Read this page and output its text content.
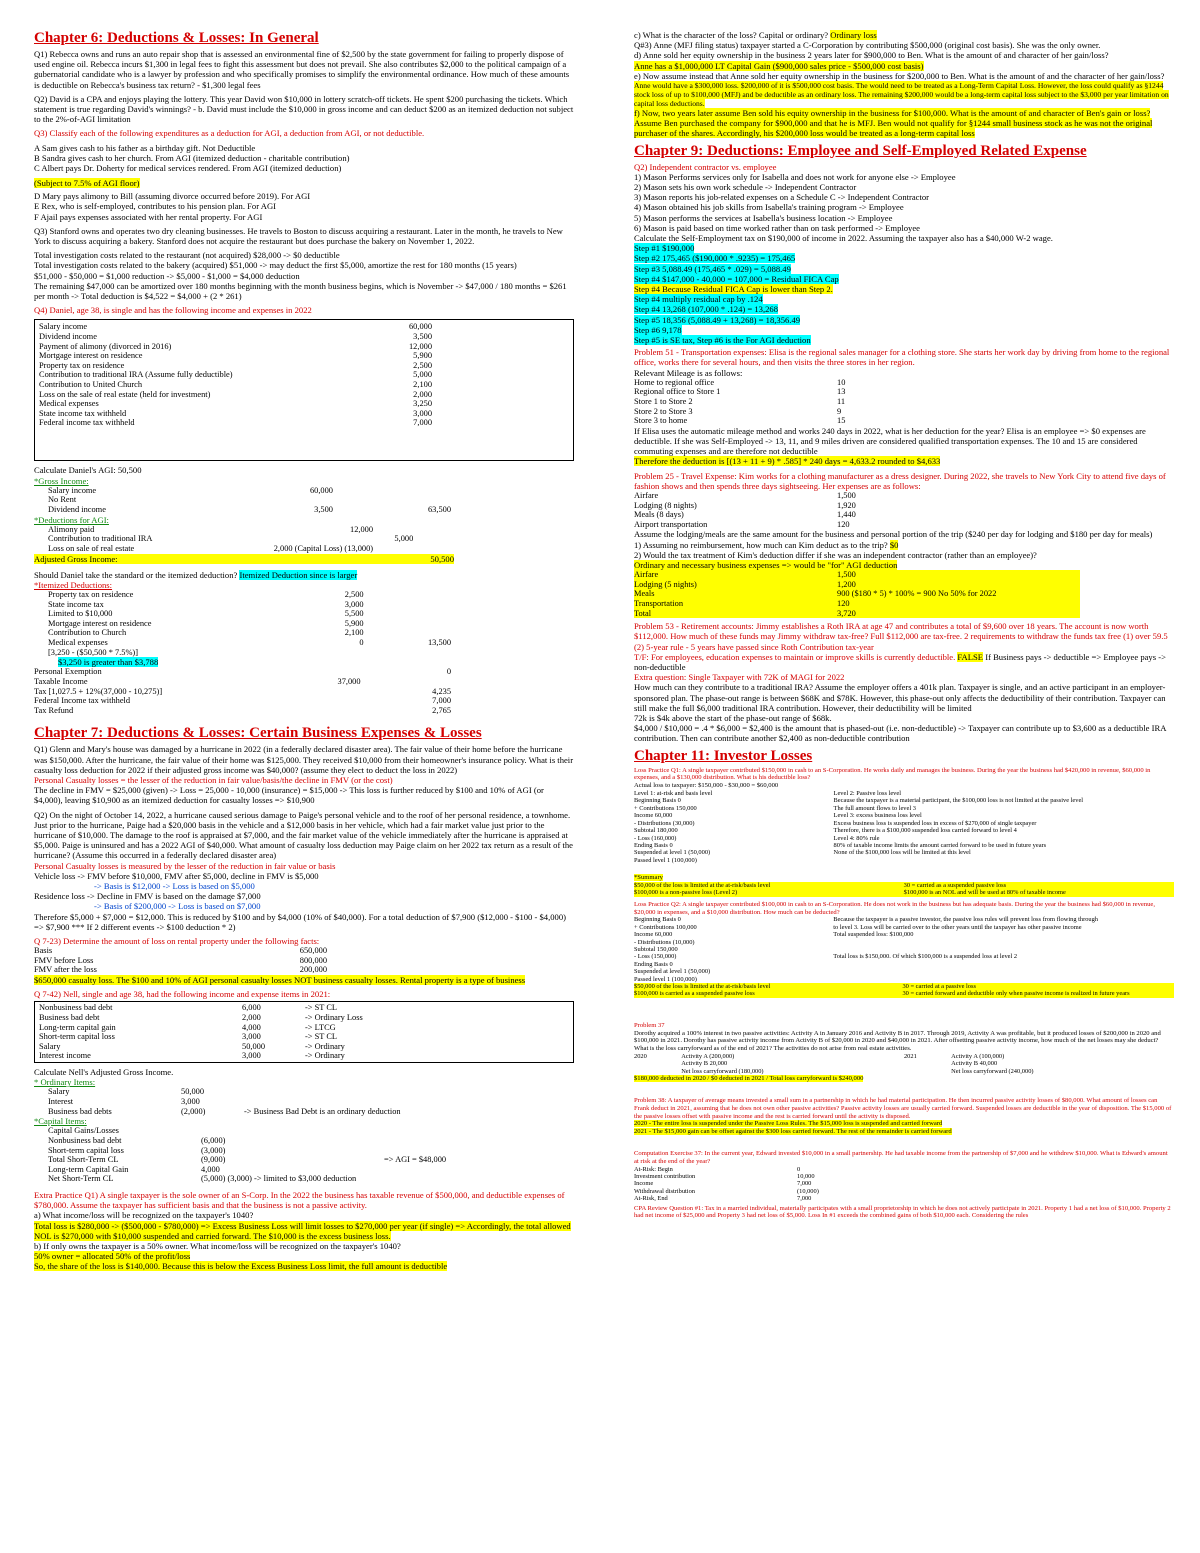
Chapter 6: Deductions & Losses: In General

Q1) Rebecca owns and runs an auto repair shop that is assessed an environmental fine of $2,500 by the state government for failing to properly dispose of used engine oil. Rebecca incurs $1,300 in legal fees to fight this assessment but does not prevail. She also contributes $2,000 to the political campaign of a gubernatorial candidate who is a lawyer by profession and who specifically promises to simplify the environmental ordinance. How much of these amounts is deductible on Rebecca's business tax return? - $1,300 legal fees

Q2) David is a CPA and enjoys playing the lottery. This year David won $10,000 in lottery scratch-off tickets. He spent $200 purchasing the tickets. Which statement is true regarding David's winnings? - b. David must include the $10,000 in gross income and can deduct $200 as an itemized deduction not subject to the 2%-of-AGI limitation

Q3) Classify each of the following expenditures as a deduction for AGI, a deduction from AGI, or not deductible.

A Sam gives cash to his father as a birthday gift. Not Deductible

B Sandra gives cash to her church. From AGI (itemized deduction - charitable contribution)

C Albert pays Dr. Doherty for medical services rendered. From AGI (itemized deduction)

(Subject to 7.5% of AGI floor)

D Mary pays alimony to Bill (assuming divorce occurred before 2019). For AGI

E Rex, who is self-employed, contributes to his pension plan. For AGI

F Ajail pays expenses associated with her rental property. For AGI

Q3) Stanford owns and operates two dry cleaning businesses. He travels to Boston to discuss acquiring a restaurant. Later in the month, he travels to New York to discuss acquiring a bakery. Stanford does not acquire the restaurant but does purchase the bakery on November 1, 2022.

Total investigation costs related to the restaurant (not acquired) $28,000 -> $0 deductible

Total investigation costs related to the bakery (acquired) $51,000 -> may deduct the first $5,000, amortize the rest for 180 months (15 years)

$51,000 - $50,000 = $1,000 reduction -> $5,000 - $1,000 = $4,000 deduction

The remaining $47,000 can be amortized over 180 months beginning with the month business begins, which is November -> $47,000 / 180 months = $261 per month -> Total deduction is $4,522 = $4,000 + (2 * 261)

Q4) Daniel, age 38, is single and has the following income and expenses in 2022

Salary income	60,000
Dividend income	3,500
Payment of alimony (divorced in 2016)	12,000
Mortgage interest on residence	5,900
Property tax on residence	2,500
Contribution to traditional IRA (Assume fully deductible)	5,000
Contribution to United Church	2,100
Loss on the sale of real estate (held for investment)	2,000
Medical expenses	3,250
State income tax withheld	3,000
Federal income tax withheld	7,000

Calculate Daniel's AGI: 50,500

*Gross Income:

Salary income	60,000		
No Rent			
Dividend income	3,500		63,500

*Deductions for AGI:

Alimony paid	12,000		
Contribution to traditional IRA		5,000	
Loss on sale of real estate	2,000 (Capital Loss) (13,000)		
Adjusted Gross Income:	50,500

Should Daniel take the standard or the itemized deduction? Itemized Deduction since is larger

*Itemized Deductions:

Property tax on residence	2,500	
State income tax	3,000	
Limited to $10,000	5,500	
Mortgage interest on residence	5,900	
Contribution to Church	2,100	
Medical expenses	0	13,500
[3,250 - ($50,500 * 7.5%)]		

$3,250 is greater than $3,788

Personal Exemption		0
Taxable Income	37,000	
Tax [1,027.5 + 12%(37,000 - 10,275)]		4,235
Federal Income tax withheld		7,000
Tax Refund		2,765
Chapter 7: Deductions & Losses: Certain Business Expenses & Losses

Q1) Glenn and Mary's house was damaged by a hurricane in 2022 (in a federally declared disaster area). The fair value of their home before the hurricane was $150,000. After the hurricane, the fair value of their home was $125,000. They received $10,000 from their homeowner's insurance policy. What is their casualty loss deduction for 2022 if their adjusted gross income was $40,000? (assume they elect to deduct the loss in 2022)

Personal Casualty losses = the lesser of the reduction in fair value/basis/the decline in FMV (or the cost)

The decline in FMV = $25,000 (given) -> Loss = 25,000 - 10,000 (insurance) = $15,000 -> This loss is further reduced by $100 and 10% of AGI (or $4,000), leaving $10,900 as an itemized deduction for casualty losses => $10,900

Q2) On the night of October 14, 2022, a hurricane caused serious damage to Paige's personal vehicle and to the roof of her personal residence, a townhome. Just prior to the hurricane, Paige had a $20,000 basis in the vehicle and a $12,000 basis in her vehicle, which had a fair market value just prior to the hurricane of $10,000. The damage to the roof is appraised at $7,000, and the fair market value of the vehicle immediately after the hurricane is appraised at $5,000. Paige is uninsured and has a 2022 AGI of $40,000. What amount of casualty loss deduction may Paige claim on her 2022 tax return as a result of the hurricane? (Assume this occurred in a federally declared disaster area)

Personal Casualty losses is measured by the lesser of the reduction in fair value or basis

Vehicle loss -> FMV before $10,000, FMV after $5,000, decline in FMV is $5,000

-> Basis is $12,000 -> Loss is based on $5,000

Residence loss -> Decline in FMV is based on the damage $7,000

-> Basis of $200,000 -> Loss is based on $7,000

Therefore $5,000 + $7,000 = $12,000. This is reduced by $100 and by $4,000 (10% of $40,000). For a total deduction of $7,900 ($12,000 - $100 - $4,000) => $7,900 *** If 2 different events -> $100 deduction * 2)

Q 7-23) Determine the amount of loss on rental property under the following facts:

Basis	650,000
FMV before Loss	800,000
FMV after the loss	200,000

$650,000 casualty loss. The $100 and 10% of AGI personal casualty losses NOT business casualty losses. Rental property is a type of business

Q 7-42) Nell, single and age 38, had the following income and expense items in 2021:

Nonbusiness bad debt	6,000	-> ST CL
Business bad debt	2,000	-> Ordinary Loss
Long-term capital gain	4,000	-> LTCG
Short-term capital loss	3,000	-> ST CL
Salary	50,000	-> Ordinary
Interest income	3,000	-> Ordinary

Calculate Nell's Adjusted Gross Income.

* Ordinary Items:

Salary	50,000	
Interest	3,000	
Business bad debts	(2,000)	-> Business Bad Debt is an ordinary deduction

*Capital Items:

Capital Gains/Losses		
Nonbusiness bad debt	(6,000)	
Short-term capital loss	(3,000)	
Total Short-Term CL	(9,000)	=> AGI = $48,000
Long-term Capital Gain	4,000	
Net Short-Term CL	(5,000) (3,000) -> limited to $3,000 deduction	

Extra Practice Q1) A single taxpayer is the sole owner of an S-Corp. In the 2022 the business has taxable revenue of $500,000, and deductible expenses of $780,000. Assume the taxpayer has sufficient basis and that the business is not a passive activity.

a) What income/loss will be recognized on the taxpayer's 1040?

Total loss is $280,000 -> ($500,000 - $780,000) => Excess Business Loss will limit losses to $270,000 per year (if single) => Accordingly, the total allowed NOL is $270,000 with $10,000 suspended and carried forward. The $10,000 is the excess business loss.

b) If only owns the taxpayer is a 50% owner. What income/loss will be recognized on the taxpayer's 1040?

50% owner = allocated 50% of the profit/loss

So, the share of the loss is $140,000. Because this is below the Excess Business Loss limit, the full amount is deductible

c) What is the character of the loss? Capital or ordinary? Ordinary loss

Q#3) Anne (MFJ filing status) taxpayer started a C-Corporation by contributing $500,000 (original cost basis). She was the only owner.

d) Anne sold her equity ownership in the business 2 years later for $900,000 to Ben. What is the amount of and character of her gain/loss?

Anne has a $1,000,000 LT Capital Gain ($900,000 sales price - $500,000 cost basis)

e) Now assume instead that Anne sold her equity ownership in the business for $200,000 to Ben. What is the amount of and the character of her gain/loss?

Anne would have a $300,000 loss. $200,000 of it is $500,000 cost basis. The would need to be treated as a Long-Term Capital Loss. However, the loss could qualify as §1244 stock loss of up to $100,000 (MFJ) and be deductible as an ordinary loss. The remaining $200,000 would be a long-term capital loss subject to the $3,000 per year limitation on capital loss deductions.

f) Now, two years later assume Ben sold his equity ownership in the business for $100,000. What is the amount of and character of Ben's gain or loss? Assume Ben purchased the company for $900,000 and that he is MFJ. Ben would not qualify for §1244 small business stock as he was not the original purchaser of the shares. Accordingly, his $200,000 loss would be treated as a long-term capital loss

Chapter 9: Deductions: Employee and Self-Employed Related Expense

Q2) Independent contractor vs. employee

1) Mason Performs services only for Isabella and does not work for anyone else -> Employee

2) Mason sets his own work schedule -> Independent Contractor

3) Mason reports his job-related expenses on a Schedule C -> Independent Contractor

4) Mason obtained his job skills from Isabella's training program -> Employee

5) Mason performs the services at Isabella's business location -> Employee

6) Mason is paid based on time worked rather than on task performed -> Employee

Calculate the Self-Employment tax on $190,000 of income in 2022. Assuming the taxpayer also has a $40,000 W-2 wage.

Step #1 $190,000

Step #2 175,465 ($190,000 * .9235) = 175,465

Step #3 5,088.49 (175,465 * .029) = 5,088.49

Step #4 $147,000 - 40,000 = 107,000 = Residual FICA Cap

Step #4 Because Residual FICA Cap is lower than Step 2.

Step #4 multiply residual cap by .124

Step #4 13,268 (107,000 * .124) = 13,268

Step #5 18,356 (5,088.49 + 13,268) = 18,356.49

Step #6 9,178

Step #5 is SE tax, Step #6 is the For AGI deduction

Problem 51 - Transportation expenses: Elisa is the regional sales manager for a clothing store. She starts her work day by driving from home to the regional office, works there for several hours, and then visits the three stores in her region.

Relevant Mileage is as follows:

Home to regional office	10
Regional office to Store 1	13
Store 1 to Store 2	11
Store 2 to Store 3	9
Store 3 to home	15

If Elisa uses the automatic mileage method and works 240 days in 2022, what is her deduction for the year? Elisa is an employee => $0 expenses are deductible. If she was Self-Employed -> 13, 11, and 9 miles driven are considered qualified transportation expenses. The 10 and 15 are considered commuting expenses and are therefore not deductible

Therefore the deduction is [(13 + 11 + 9) * .585] * 240 days = 4,633.2 rounded to $4,633

Problem 25 - Travel Expense: Kim works for a clothing manufacturer as a dress designer. During 2022, she travels to New York City to attend five days of fashion shows and then spends three days sightseeing. Her expenses are as follows:

Airfare	1,500
Lodging (8 nights)	1,920
Meals (8 days)	1,440
Airport transportation	120

Assume the lodging/meals are the same amount for the business and personal portion of the trip ($240 per day for lodging and $180 per day for meals)

1) Assuming no reimbursement, how much can Kim deduct as to the trip? $0

2) Would the tax treatment of Kim's deduction differ if she was an independent contractor (rather than an employee)?

Ordinary and necessary business expenses => would be "for" AGI deduction

Airfare	1,500
Lodging (5 nights)	1,200
Meals	900 ($180 * 5) * 100% = 900 No 50% for 2022
Transportation	120
Total	3,720

Problem 53 - Retirement accounts: Jimmy establishes a Roth IRA at age 47 and contributes a total of $9,600 over 18 years. The account is now worth $112,000. How much of these funds may Jimmy withdraw tax-free? Full $112,000 are tax-free. 2 requirements to withdraw the funds tax free (1) over 59.5 (2) 5-year rule - 5 years have passed since Roth Contribution tax-year

T/F: For employees, education expenses to maintain or improve skills is currently deductible. FALSE If Business pays -> deductible => Employee pays -> non-deductible

Extra question: Single Taxpayer with 72K of MAGI for 2022

How much can they contribute to a traditional IRA? Assume the employer offers a 401k plan. Taxpayer is single, and an active participant in an employer-sponsored plan. The phase-out range is between $68K and $78K. However, this phase-out only affects the deductibility of their contribution. Taxpayer can still make the full $6,000 traditional IRA contribution. However, their deductibility will be limited

72k is $4k above the start of the phase-out range of $68k.

$4,000 / $10,000 = .4 * $6,000 = $2,400 is the amount that is phased-out (i.e. non-deductible) -> Taxpayer can contribute up to $3,600 as a deductible IRA contribution. Then can contribute another $2,400 as non-deductible contribution

Chapter 11: Investor Losses

Loss Practice Q1: A single taxpayer contributed $150,000 in cash to an S-Corporation. He works daily and manages the business. During the year the business had $420,000 in revenue, $60,000 in expenses, and a $130,000 distribution. What is his deductible loss?

Actual loss to taxpayer: $150,000 - $30,000 = $60,000

Level 1: at-risk and basis level	Level 2: Passive loss level
Beginning Basis 0	Because the taxpayer is a material participant, the $100,000 loss is not limited at the passive level
+ Contributions 150,000	The full amount flows to level 3
Income 60,000	Level 3: excess business loss level
- Distributions (30,000)	Excess business loss is suspended loss in excess of $270,000 of single taxpayer
Subtotal 180,000	Therefore, there is a $100,000 suspended loss carried forward to level 4
- Loss (160,000)	Level 4: 80% rule
Ending Basis 0	80% of taxable income limits the amount carried forward to be used in future years
Suspended at level 1 (50,000)	None of the $100,000 loss will be limited at this level
Passed level 1 (100,000)	

*Summary

$50,000 of the loss is limited at the at-risk/basis level	30 = carried as a suspended passive loss
$100,000 is a non-passive loss (Level 2)	$100,000 is an NOL and will be used at 80% of taxable income

Loss Practice Q2: A single taxpayer contributed $100,000 in cash to an S-Corporation. He does not work in the business but has adequate basis. During the year the business had $60,000 in revenue, $20,000 in expenses, and a $10,000 distribution. How much can be deducted?

Beginning Basis 0	Because the taxpayer is a passive investor, the passive loss rules will prevent loss from flowing through
+ Contributions 100,000	to level 3. Loss will be carried over to the other years until the taxpayer has other passive income
Income 60,000	Total suspended loss: $100,000
- Distributions (10,000)	
Subtotal 150,000	
- Loss (150,000)	Total loss is $150,000. Of which $100,000 is a suspended loss at level 2
Ending Basis 0	
Suspended at level 1 (50,000)	
Passed level 1 (100,000)	
$50,000 of the loss is limited at the at-risk/basis level	30 = carried at a passive loss
$100,000 is carried as a suspended passive loss	30 = carried forward and deductible only when passive income is realized in future years

Problem 37

Dorothy acquired a 100% interest in two passive activities: Activity A in January 2016 and Activity B in 2017. Through 2019, Activity A was profitable, but it produced losses of $200,000 in 2020 and $100,000 in 2021. Dorothy has passive activity income from Activity B of $20,000 in 2020 and $40,000 in 2021. After offsetting passive activity income, how much of the net losses may she deduct? What is the loss carryforward as of the end of 2021? The activities do not arise from real estate activities.

2020	Activity A (200,000)	2021	Activity A (100,000)
	Activity B 20,000		Activity B 40,000
	Net loss carryforward (180,000)		Net loss carryforward (240,000)

$180,000 deducted in 2020 / $0 deducted in 2021 / Total loss carryforward is $240,000

Problem 38: A taxpayer of average means invested a small sum in a partnership in which he had material participation. He then incurred passive activity losses of $80,000. What amount of losses can Frank deduct in 2021, assuming that he does not own other passive activities? Passive activity losses are usually carried forward. Suspended losses are deductible in the year of disposition. The $15,000 of the passive losses offset with passive income and the rest is carried forward until the activity is disposed.

2020 - The entire loss is suspended under the Passive Loss Rules. The $15,000 loss is suspended and carried forward

2021 - The $15,000 gain can be offset against the $300 loss carried forward. The rest of the remainder is carried forward

Computation Exercise 37: In the current year, Edward invested $10,000 in a small partnership. He had taxable income from the partnership of $7,000 and he withdrew $10,000. What is Edward's amount at risk at the end of the year?

At-Risk: Begin	0
Investment contribution	10,000
Income	7,000
Withdrawal distribution	(10,000)
At-Risk, End	7,000

CPA Review Question #1: Tax in a married individual, materially participates with a small proprietorship in which he does not actively participate in 2021. Property 1 had a net loss of $10,000. Property 2 had net income of $25,000 and Property 3 had net loss of $5,000. Loss In #1 exceeds the combined gains of both $10,000 each. Considering the rules
